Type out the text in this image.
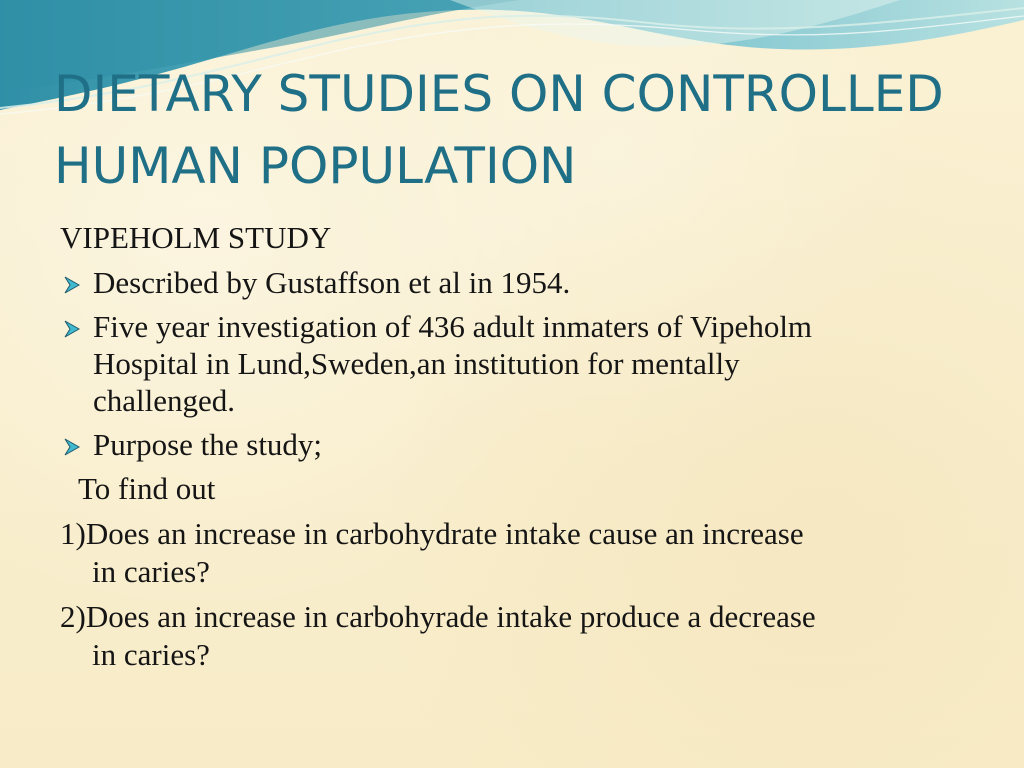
DIETARY STUDIES ON CONTROLLED
HUMAN POPULATION
VIPEHOLM STUDY
Described by Gustaffson et al in 1954.
Five year investigation of 436 adult inmaters of Vipeholm
Hospital in Lund,Sweden,an institution for mentally
challenged.
Purpose the study;
To find out
1)Does an increase in carbohydrate intake cause an increase
in caries?
2)Does an increase in carbohyrade intake produce a decrease
in caries?
